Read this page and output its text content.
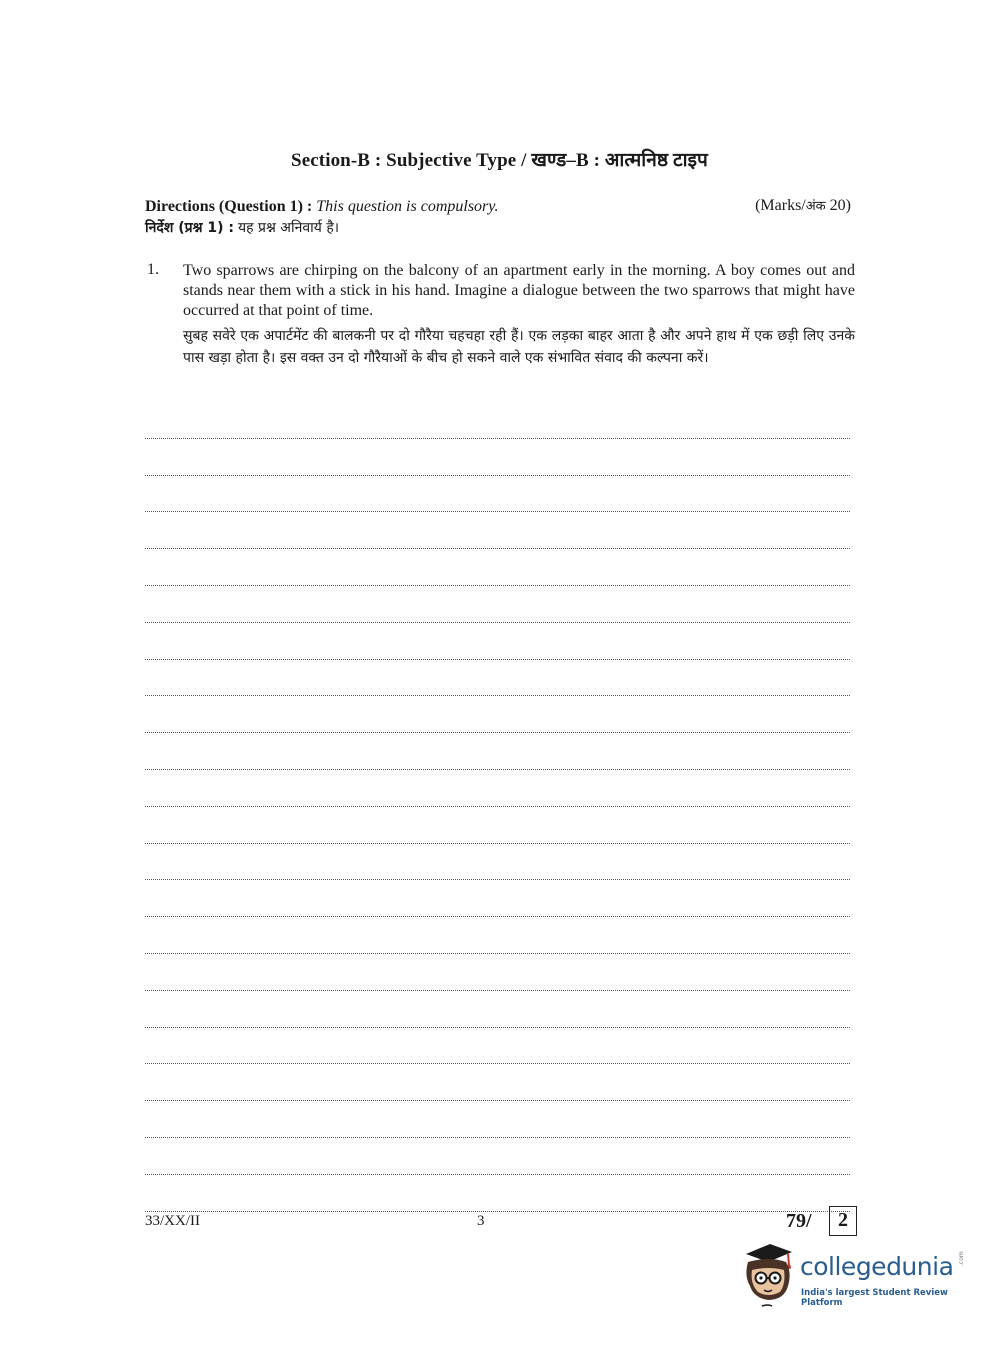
Section-B : Subjective Type / खण्ड–B : आत्मनिष्ठ टाइप
Directions (Question 1) : This question is compulsory.
निर्देश (प्रश्न 1) : यह प्रश्न अनिवार्य है।
(Marks/अंक 20)
1. Two sparrows are chirping on the balcony of an apartment early in the morning. A boy comes out and stands near them with a stick in his hand. Imagine a dialogue between the two sparrows that might have occurred at that point of time.

सुबह सवेरे एक अपार्टमेंट की बालकनी पर दो गौरैया चहचहा रही हैं। एक लड़का बाहर आता है और अपने हाथ में एक छड़ी लिए उनके पास खड़ा होता है। इस वक्त उन दो गौरैयाओं के बीच हो सकने वाले एक संभावित संवाद की कल्पना करें।

33/XX/II	3	79/	2
collegedunia .com
India's largest Student Review Platform
